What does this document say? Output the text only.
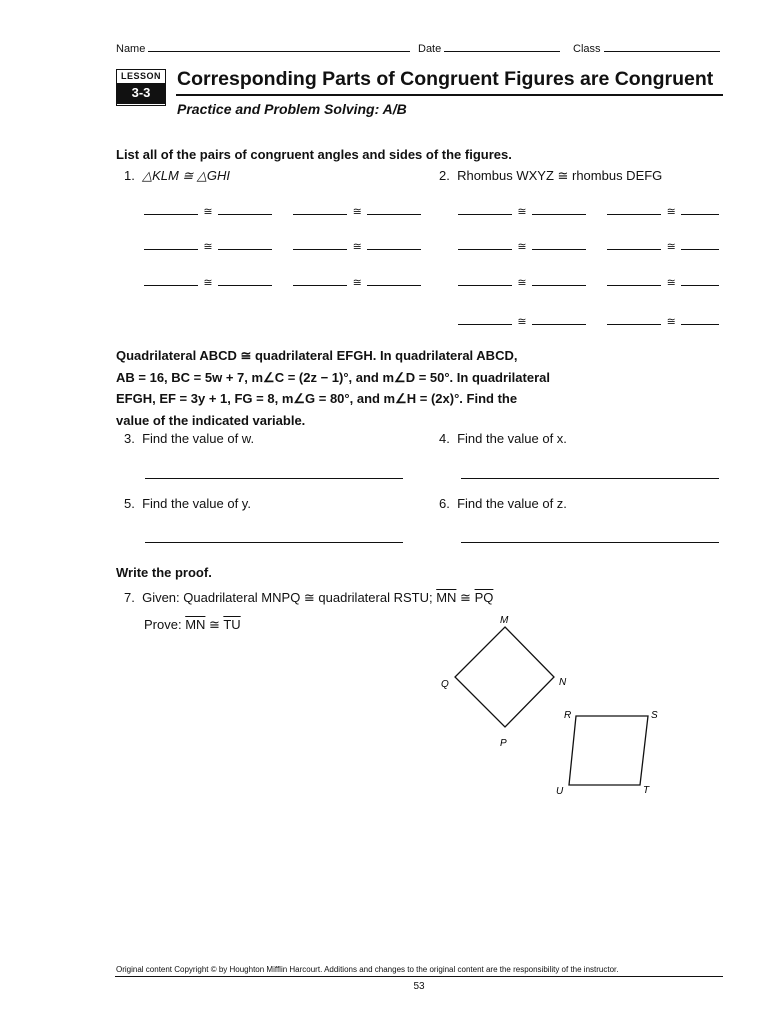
Name	Date	Class
LESSON
3-3
Corresponding Parts of Congruent Figures are Congruent
Practice and Problem Solving: A/B
List all of the pairs of congruent angles and sides of the figures.
1. △KLM ≅ △GHI	2. Rhombus WXYZ ≅ rhombus DEFG
≅	≅
≅	≅
≅	≅
≅	≅
≅	≅
≅	≅
≅	≅
Quadrilateral ABCD ≅ quadrilateral EFGH. In quadrilateral ABCD,
AB = 16, BC = 5w + 7, m∠C = (2z − 1)°, and m∠D = 50°. In quadrilateral
EFGH, EF = 3y + 1, FG = 8, m∠G = 80°, and m∠H = (2x)°. Find the
value of the indicated variable.
3. Find the value of w.	4. Find the value of x.
5. Find the value of y.	6. Find the value of z.
Write the proof.
7. Given: Quadrilateral MNPQ ≅ quadrilateral RSTU; $\overline{MN}$ ≅ $\overline{PQ}$
Prove: $\overline{MN}$ ≅ $\overline{TU}$	M
N
P
Q
R	S
T
U
Original content Copyright © by Houghton Mifflin Harcourt. Additions and changes to the original content are the responsibility of the instructor.
53
